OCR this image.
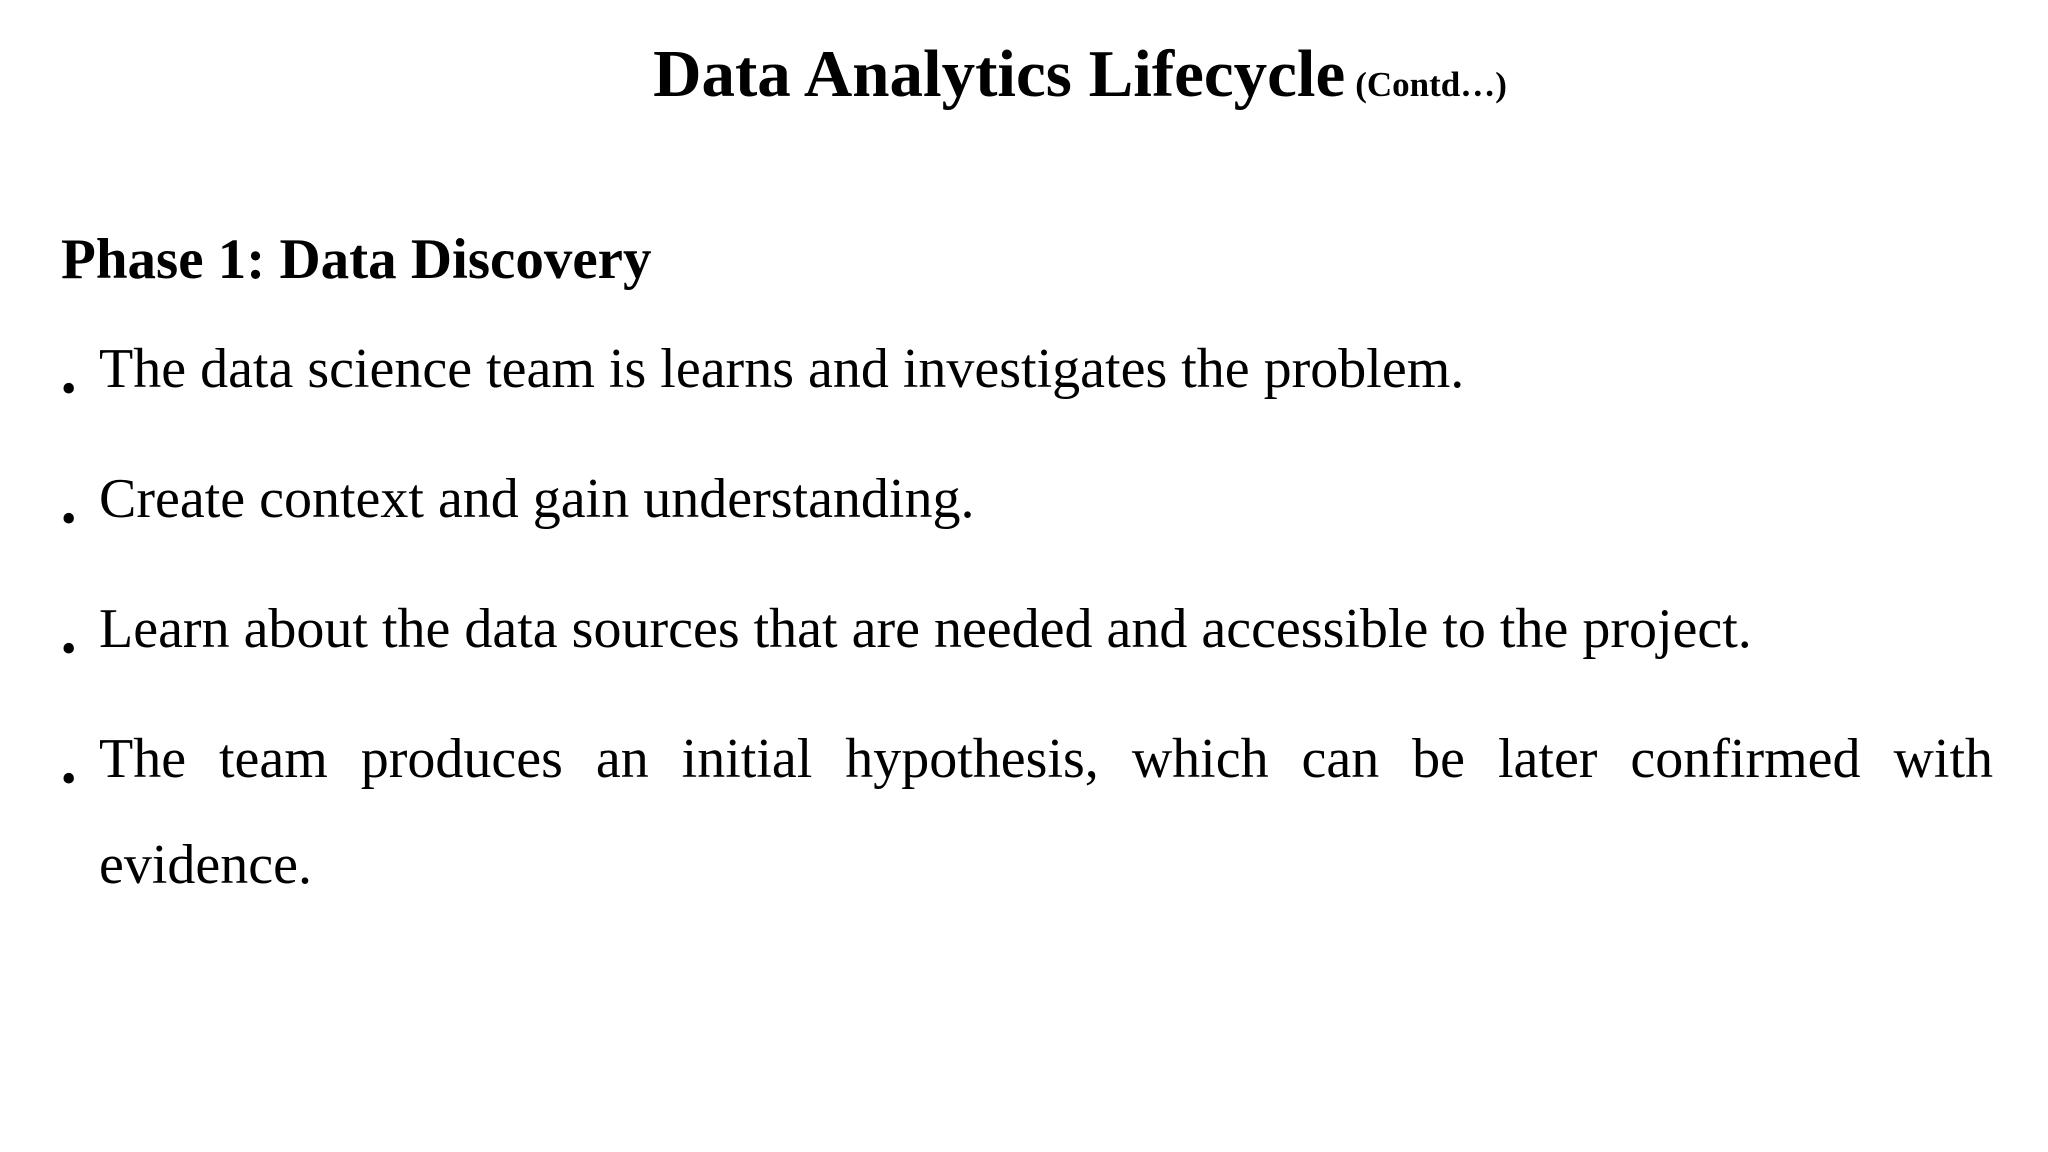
Data Analytics Lifecycle (Contd…)
Phase 1: Data Discovery
• The data science team is learns and investigates the problem.
• Create context and gain understanding.
• Learn about the data sources that are needed and accessible to the project.
• The team produces an initial hypothesis, which can be later confirmed with evidence.
